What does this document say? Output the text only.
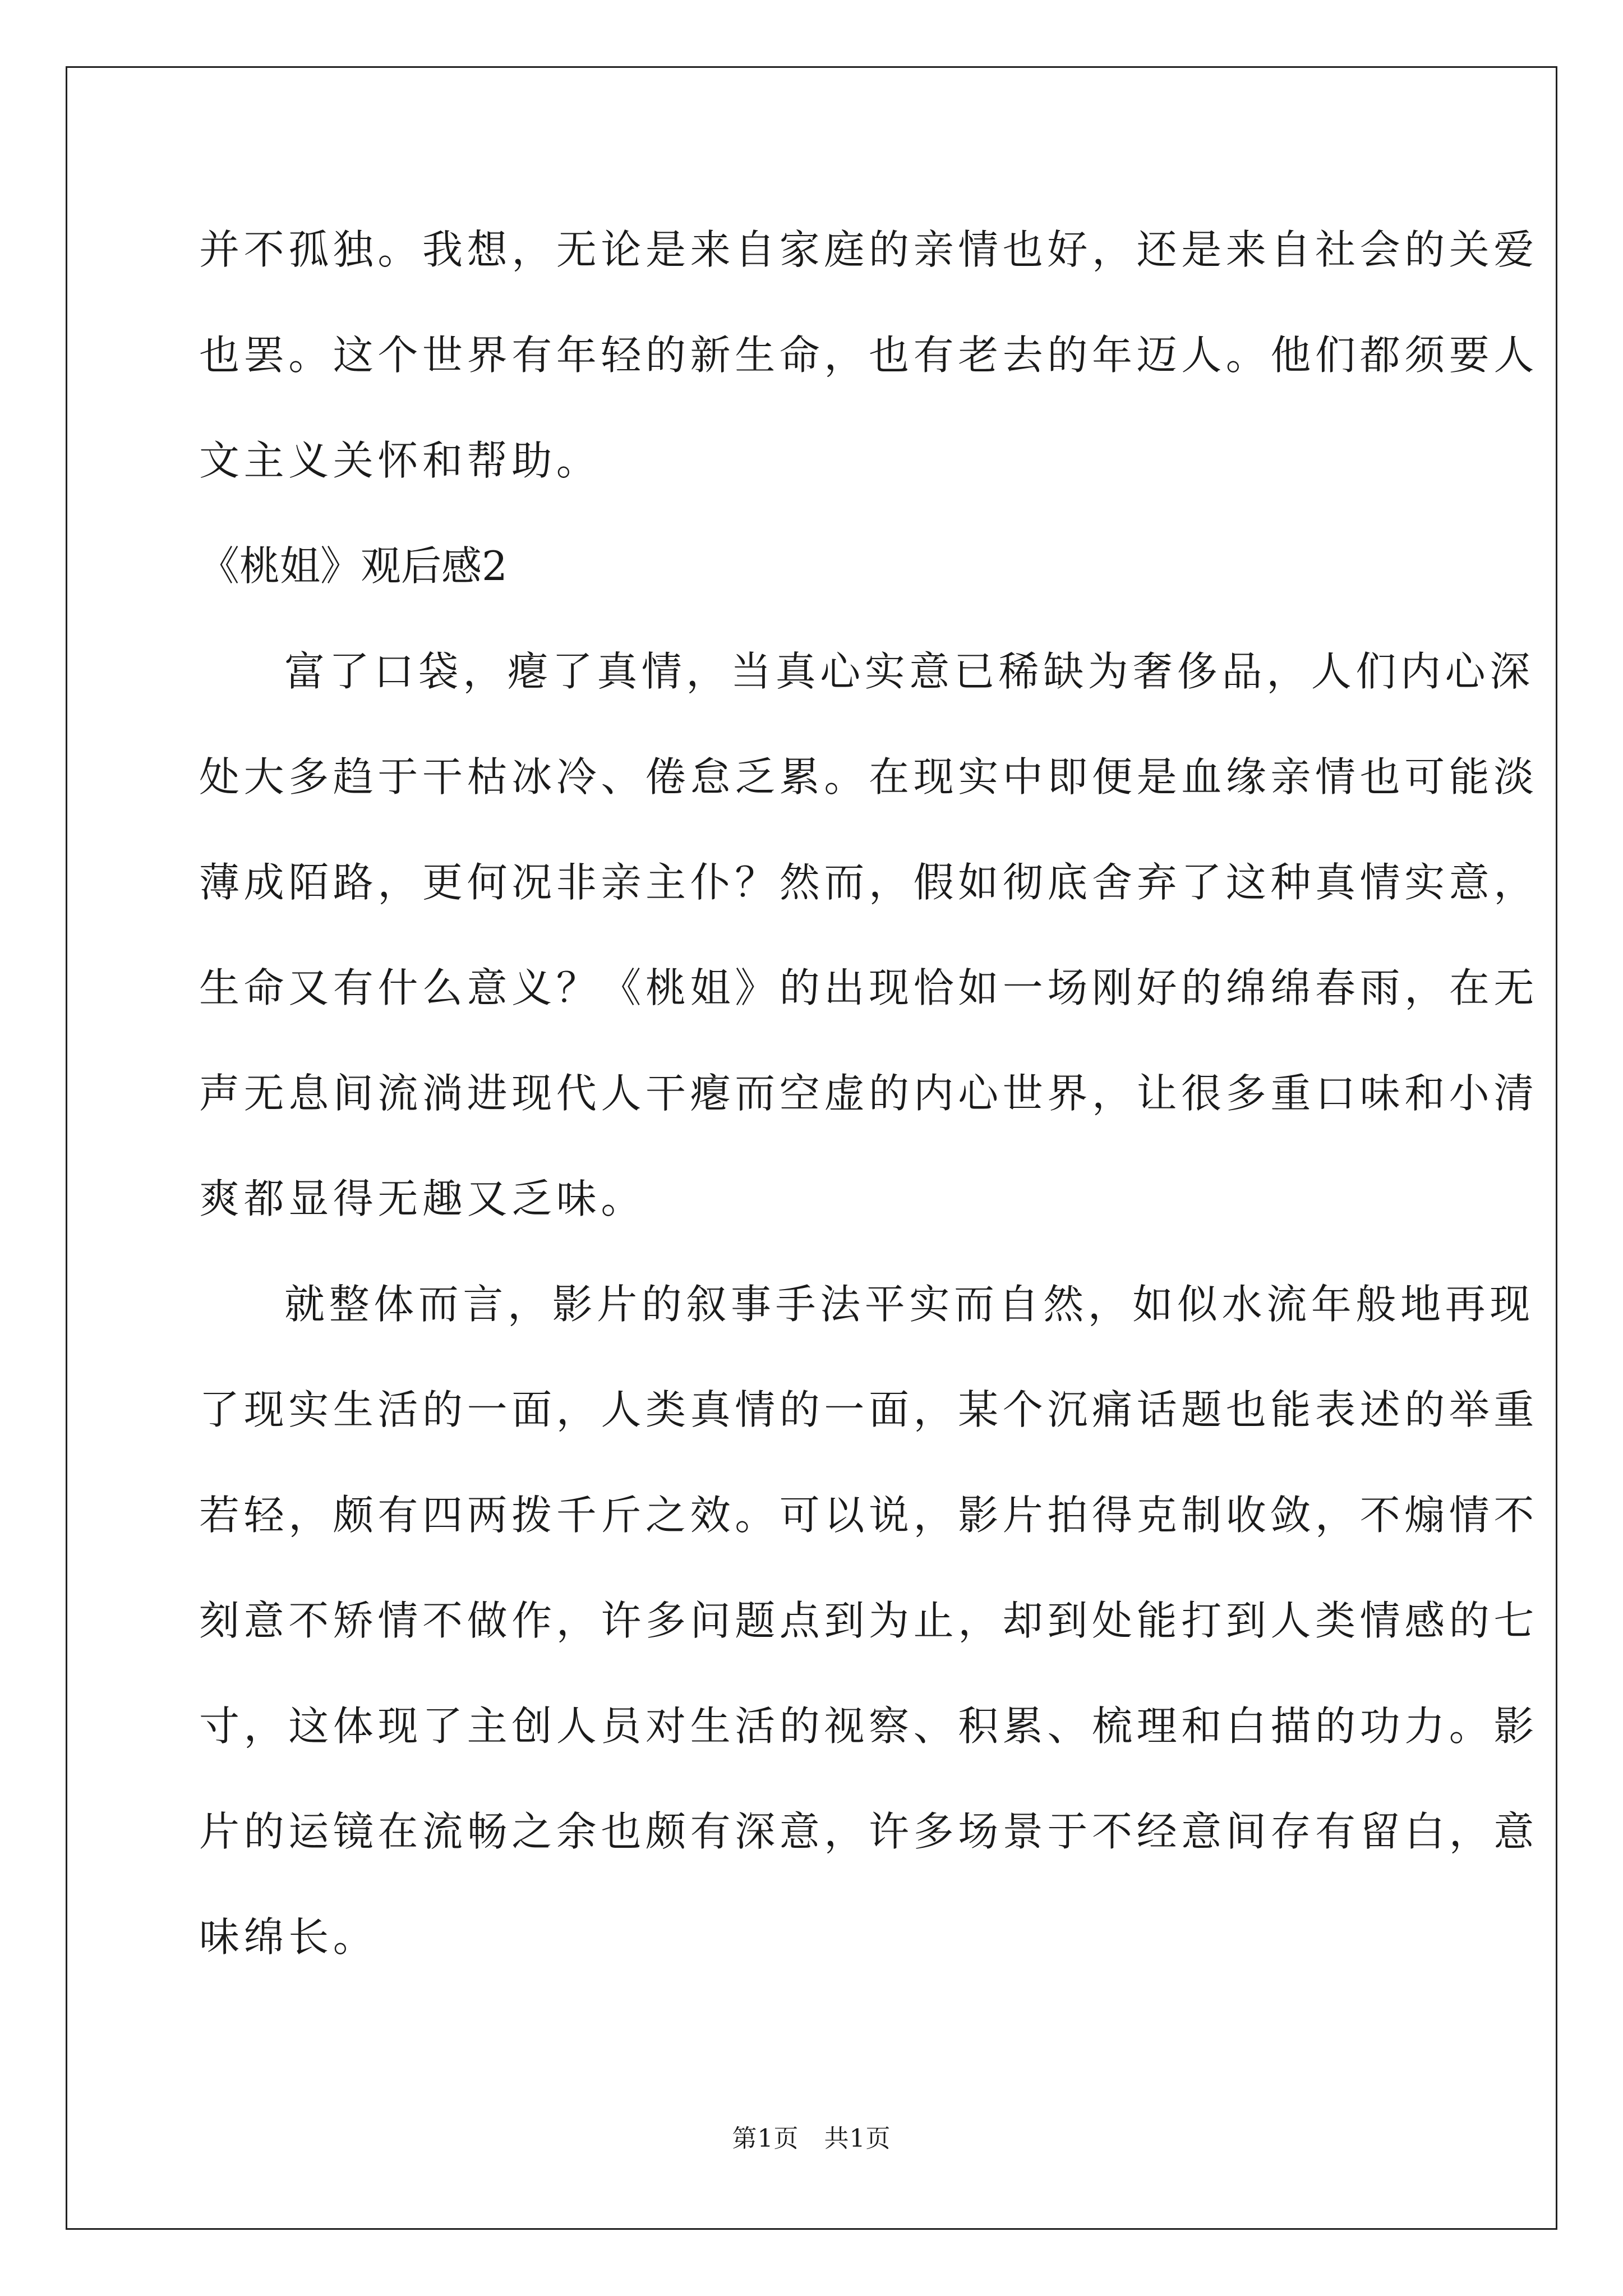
并不孤独。我想，无论是来自家庭的亲情也好，还是来自社会的关爱
也罢。这个世界有年轻的新生命，也有老去的年迈人。他们都须要人
文主义关怀和帮助。
《桃姐》观后感2
富了口袋，瘪了真情，当真心实意已稀缺为奢侈品，人们内心深
处大多趋于干枯冰冷、倦怠乏累。在现实中即便是血缘亲情也可能淡
薄成陌路，更何况非亲主仆？然而，假如彻底舍弃了这种真情实意，
生命又有什么意义？《桃姐》的出现恰如一场刚好的绵绵春雨，在无
声无息间流淌进现代人干瘪而空虚的内心世界，让很多重口味和小清
爽都显得无趣又乏味。
就整体而言，影片的叙事手法平实而自然，如似水流年般地再现
了现实生活的一面，人类真情的一面，某个沉痛话题也能表述的举重
若轻，颇有四两拨千斤之效。可以说，影片拍得克制收敛，不煽情不
刻意不矫情不做作，许多问题点到为止，却到处能打到人类情感的七
寸，这体现了主创人员对生活的视察、积累、梳理和白描的功力。影
片的运镜在流畅之余也颇有深意，许多场景于不经意间存有留白，意
味绵长。
第1页　共1页
